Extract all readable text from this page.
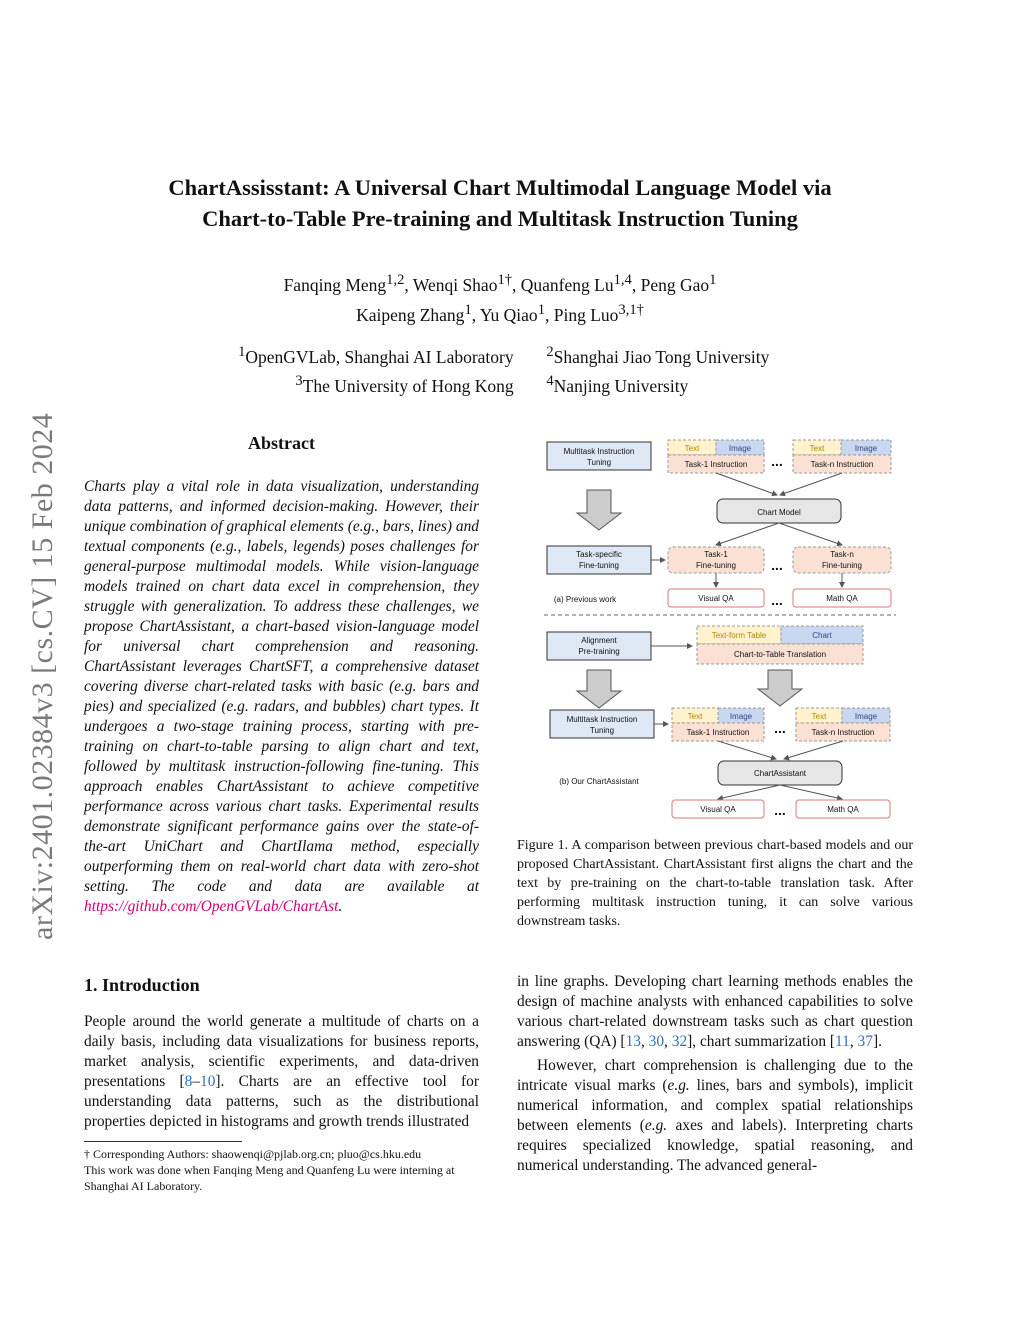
arXiv:2401.02384v3 [cs.CV] 15 Feb 2024
ChartAssisstant: A Universal Chart Multimodal Language Model via
Chart-to-Table Pre-training and Multitask Instruction Tuning
Fanqing Meng$^{1,2}$, Wenqi Shao$^{1\dagger}$, Quanfeng Lu$^{1,4}$, Peng Gao$^1$
Kaipeng Zhang$^1$, Yu Qiao$^1$, Ping Luo$^{3,1\dagger}$
$^1$OpenGVLab, Shanghai AI Laboratory $^2$Shanghai Jiao Tong University
$^3$The University of Hong Kong $^4$Nanjing University
Abstract
Charts play a vital role in data visualization, understanding data patterns, and informed decision-making. However, their unique combination of graphical elements (e.g., bars, lines) and textual components (e.g., labels, legends) poses challenges for general-purpose multimodal models. While vision-language models trained on chart data excel in comprehension, they struggle with generalization. To address these challenges, we propose ChartAssistant, a chart-based vision-language model for universal chart comprehension and reasoning. ChartAssistant leverages ChartSFT, a comprehensive dataset covering diverse chart-related tasks with basic (e.g. bars and pies) and specialized (e.g. radars, and bubbles) chart types. It undergoes a two-stage training process, starting with pre-training on chart-to-table parsing to align chart and text, followed by multitask instruction-following fine-tuning. This approach enables ChartAssistant to achieve competitive performance across various chart tasks. Experimental results demonstrate significant performance gains over the state-of-the-art UniChart and ChartIlama method, especially outperforming them on real-world chart data with zero-shot setting. The code and data are available at https://github.com/OpenGVLab/ChartAst.
Multitask Instruction
Tuning
Text	Image
Task-1 Instruction ...
Text	Image
Task-n Instruction
Chart Model
Task-specific
Fine-tuning
Task-1
Fine-tuning	...
Task-n
Fine-tuning
(a) Previous work	Visual QA	...	Math QA
Alignment
Pre-training
Text-form Table	Chart
Chart-to-Table Translation
Multitask Instruction
Tuning
Text	Image
Task-1 Instruction ...
Text	Image
Task-n Instruction
ChartAssistant
(b) Our ChartAssistant
Visual QA	...	Math QA
Figure 1. A comparison between previous chart-based models and our proposed ChartAssistant. ChartAssistant first aligns the chart and the text by pre-training on the chart-to-table translation task. After performing multitask instruction tuning, it can solve various downstream tasks.
1. Introduction
People around the world generate a multitude of charts on a daily basis, including data visualizations for business reports, market analysis, scientific experiments, and data-driven presentations [8–10]. Charts are an effective tool for understanding data patterns, such as the distributional properties depicted in histograms and growth trends illustrated
† Corresponding Authors: shaowenqi@pjlab.org.cn; pluo@cs.hku.edu
This work was done when Fanqing Meng and Quanfeng Lu were interning at Shanghai AI Laboratory.

in line graphs. Developing chart learning methods enables the design of machine analysts with enhanced capabilities to solve various chart-related downstream tasks such as chart question answering (QA) [13, 30, 32], chart summarization [11, 37].

However, chart comprehension is challenging due to the intricate visual marks (e.g. lines, bars and symbols), implicit numerical information, and complex spatial relationships between elements (e.g. axes and labels). Interpreting charts requires specialized knowledge, spatial reasoning, and numerical understanding. The advanced general-
